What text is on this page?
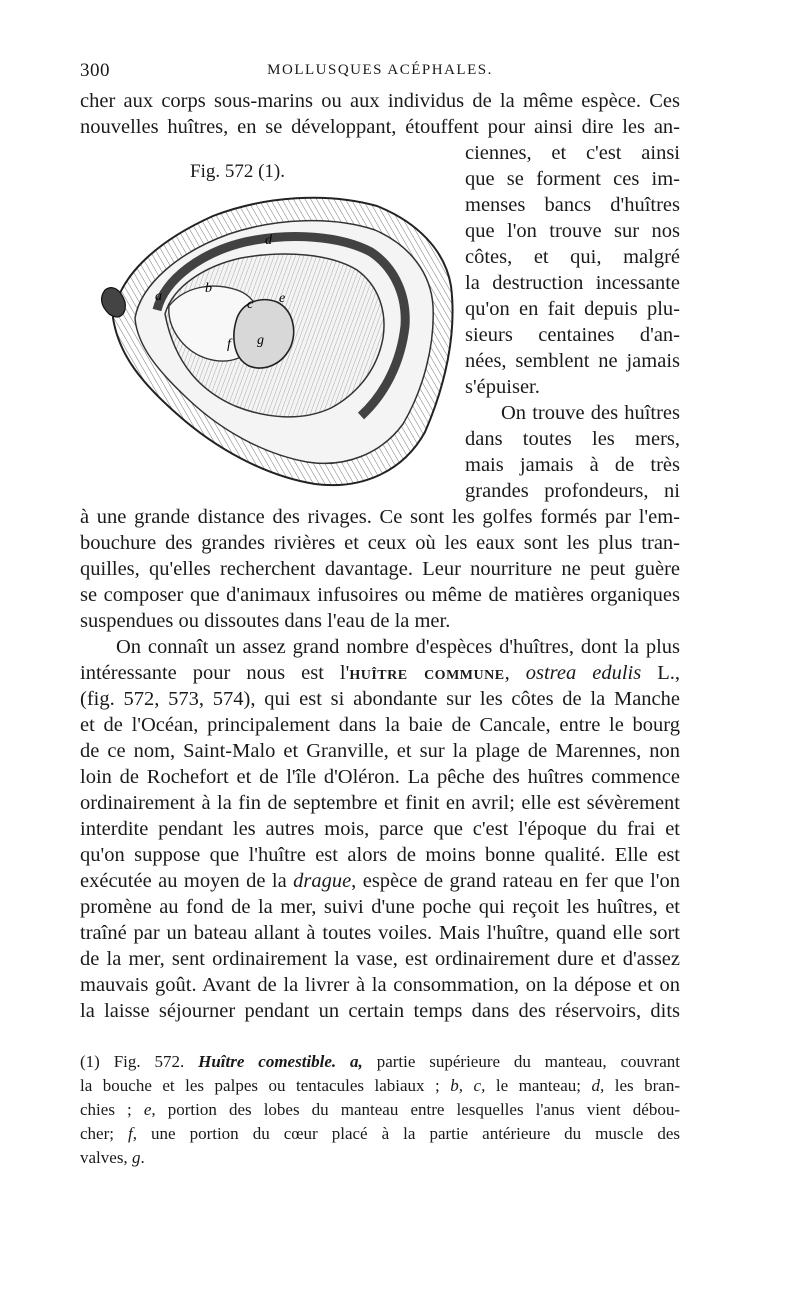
300	MOLLUSQUES ACÉPHALES.
cher aux corps sous-marins ou aux individus de la même espèce. Ces
nouvelles huîtres, en se développant, étouffent pour ainsi dire les an-
Fig. 572 (1).
d
a
b
c e
f g
ciennes, et c'est ainsi
que se forment ces im-
menses bancs d'huîtres
que l'on trouve sur nos
côtes, et qui, malgré
la destruction incessante
qu'on en fait depuis plu-
sieurs centaines d'an-
nées, semblent ne jamais
s'épuiser.
On trouve des huîtres
dans toutes les mers,
mais jamais à de très
grandes profondeurs, ni
à une grande distance des rivages. Ce sont les golfes formés par l'em-
bouchure des grandes rivières et ceux où les eaux sont les plus tran-
quilles, qu'elles recherchent davantage. Leur nourriture ne peut guère
se composer que d'animaux infusoires ou même de matières organiques
suspendues ou dissoutes dans l'eau de la mer.
On connaît un assez grand nombre d'espèces d'huîtres, dont la plus
intéressante pour nous est l'huître commune, ostrea edulis L.,
(fig. 572, 573, 574), qui est si abondante sur les côtes de la Manche
et de l'Océan, principalement dans la baie de Cancale, entre le bourg
de ce nom, Saint-Malo et Granville, et sur la plage de Marennes, non
loin de Rochefort et de l'île d'Oléron. La pêche des huîtres commence
ordinairement à la fin de septembre et finit en avril; elle est sévèrement
interdite pendant les autres mois, parce que c'est l'époque du frai et
qu'on suppose que l'huître est alors de moins bonne qualité. Elle est
exécutée au moyen de la drague, espèce de grand rateau en fer que l'on
promène au fond de la mer, suivi d'une poche qui reçoit les huîtres, et
traîné par un bateau allant à toutes voiles. Mais l'huître, quand elle sort
de la mer, sent ordinairement la vase, est ordinairement dure et d'assez
mauvais goût. Avant de la livrer à la consommation, on la dépose et on
la laisse séjourner pendant un certain temps dans des réservoirs, dits
(1) Fig. 572. Huître comestible. a, partie supérieure du manteau, couvrant
la bouche et les palpes ou tentacules labiaux ; b, c, le manteau; d, les bran-
chies ; e, portion des lobes du manteau entre lesquelles l'anus vient débou-
cher; f, une portion du cœur placé à la partie antérieure du muscle des
valves, g.
